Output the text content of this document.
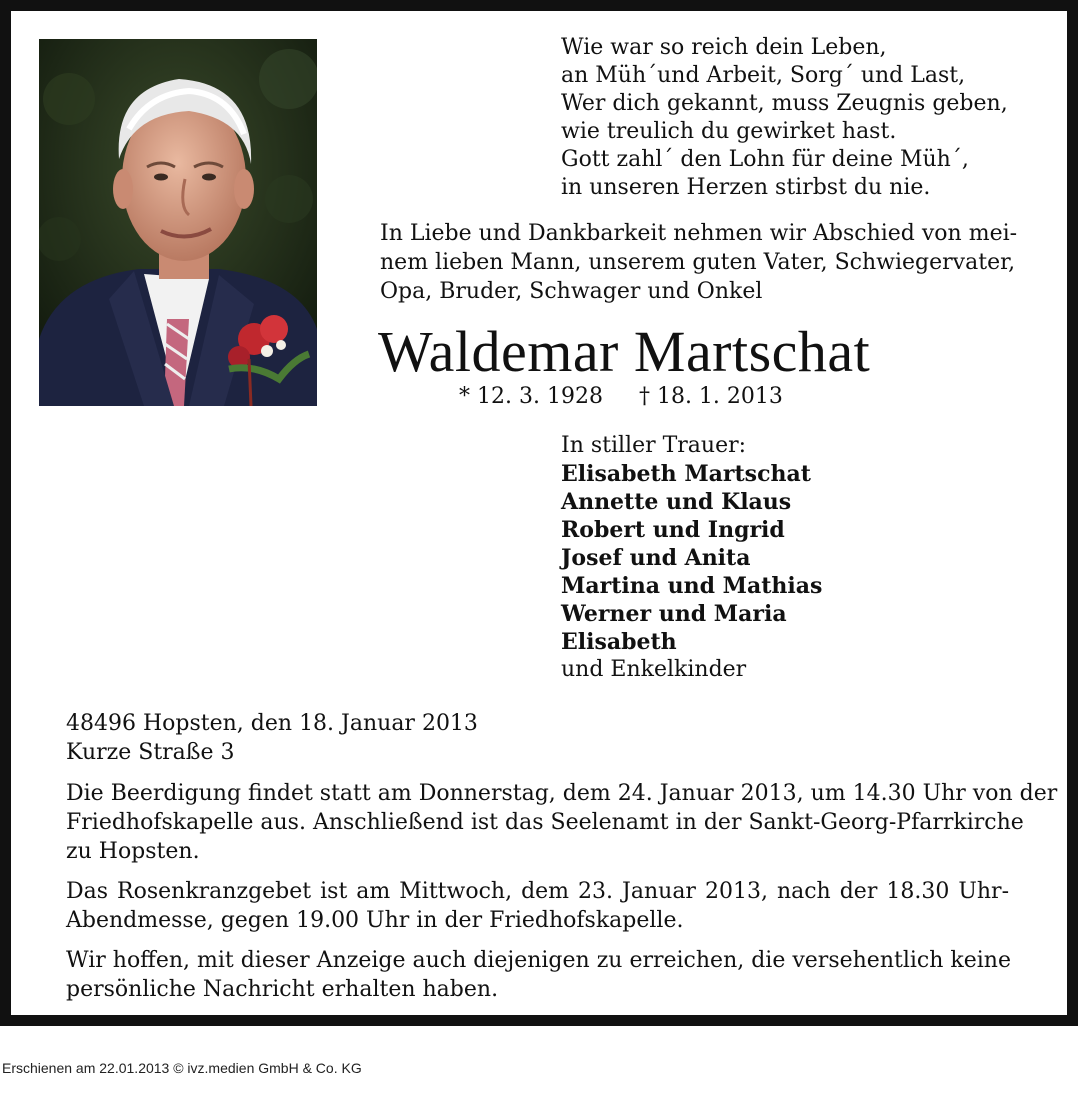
Wie war so reich dein Leben,
an Müh´und Arbeit, Sorg´ und Last,
Wer dich gekannt, muss Zeugnis geben,
wie treulich du gewirket hast.
Gott zahl´ den Lohn für deine Müh´,
in unseren Herzen stirbst du nie.
In Liebe und Dankbarkeit nehmen wir Abschied von mei-
nem lieben Mann, unserem guten Vater, Schwiegervater,
Opa, Bruder, Schwager und Onkel
Waldemar Martschat
* 12. 3. 1928 † 18. 1. 2013
In stiller Trauer:
Elisabeth Martschat
Annette und Klaus
Robert und Ingrid
Josef und Anita
Martina und Mathias
Werner und Maria
Elisabeth
und Enkelkinder
48496 Hopsten, den 18. Januar 2013
Kurze Straße 3
Die Beerdigung findet statt am Donnerstag, dem 24. Januar 2013, um 14.30 Uhr von der
Friedhofskapelle aus. Anschließend ist das Seelenamt in der Sankt-Georg-Pfarrkirche
zu Hopsten.
Das Rosenkranzgebet ist am Mittwoch, dem 23. Januar 2013, nach der 18.30 Uhr-
Abendmesse, gegen 19.00 Uhr in der Friedhofskapelle.
Wir hoffen, mit dieser Anzeige auch diejenigen zu erreichen, die versehentlich keine
persönliche Nachricht erhalten haben.
Erschienen am 22.01.2013 © ivz.medien GmbH & Co. KG
